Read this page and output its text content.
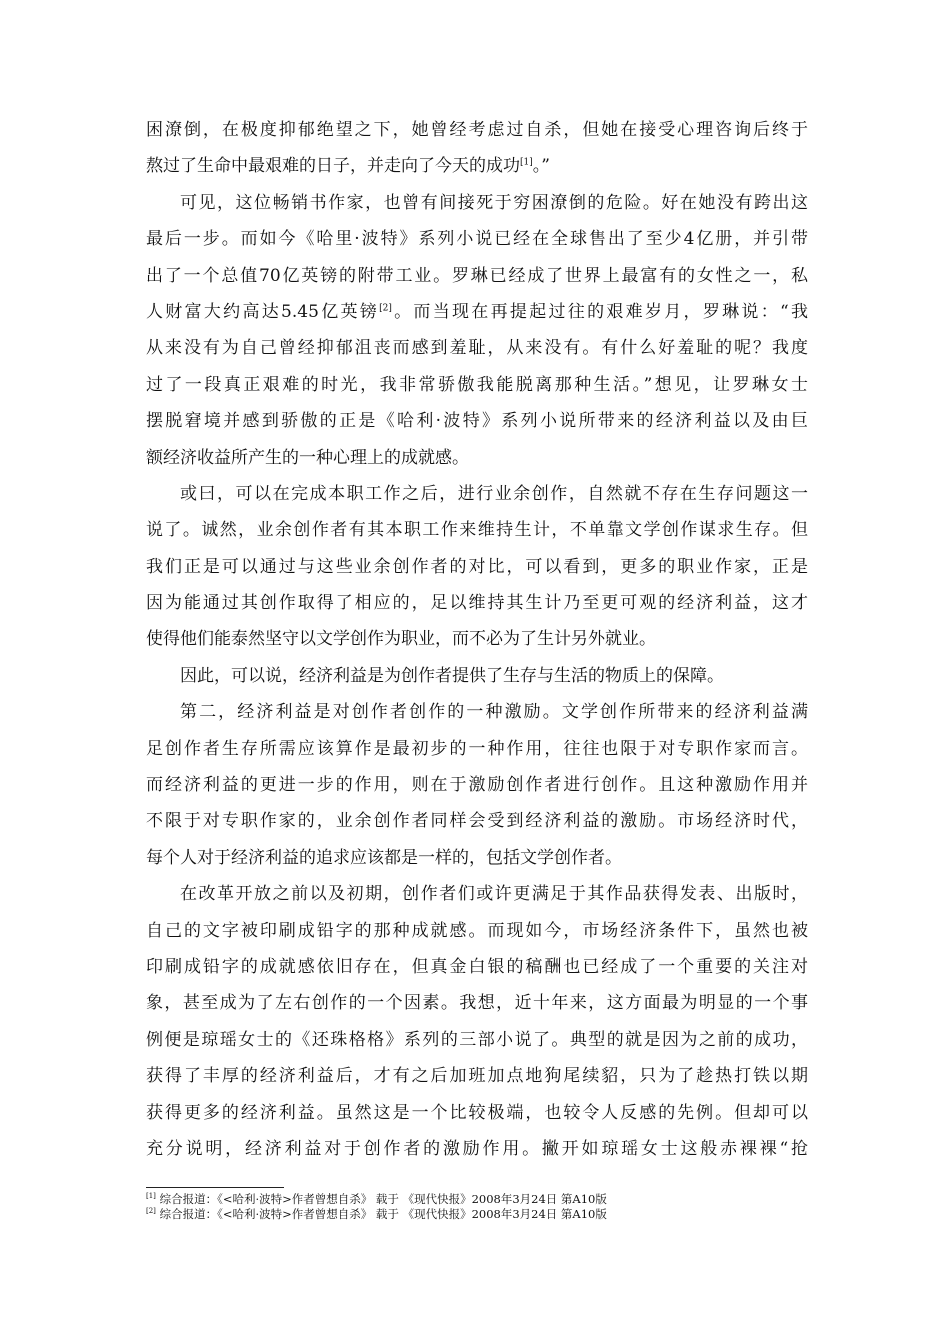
困潦倒，在极度抑郁绝望之下，她曾经考虑过自杀，但她在接受心理咨询后终于
熬过了生命中最艰难的日子，并走向了今天的成功[1]。”
可见，这位畅销书作家，也曾有间接死于穷困潦倒的危险。好在她没有跨出这
最后一步。而如今《哈里·波特》系列小说已经在全球售出了至少4亿册，并引带
出了一个总值70亿英镑的附带工业。罗琳已经成了世界上最富有的女性之一，私
人财富大约高达5.45亿英镑[2]。而当现在再提起过往的艰难岁月，罗琳说：“我
从来没有为自己曾经抑郁沮丧而感到羞耻，从来没有。有什么好羞耻的呢？我度
过了一段真正艰难的时光，我非常骄傲我能脱离那种生活。”想见，让罗琳女士
摆脱窘境并感到骄傲的正是《哈利·波特》系列小说所带来的经济利益以及由巨
额经济收益所产生的一种心理上的成就感。
或曰，可以在完成本职工作之后，进行业余创作，自然就不存在生存问题这一
说了。诚然，业余创作者有其本职工作来维持生计，不单靠文学创作谋求生存。但
我们正是可以通过与这些业余创作者的对比，可以看到，更多的职业作家，正是
因为能通过其创作取得了相应的，足以维持其生计乃至更可观的经济利益，这才
使得他们能泰然坚守以文学创作为职业，而不必为了生计另外就业。
因此，可以说，经济利益是为创作者提供了生存与生活的物质上的保障。
第二，经济利益是对创作者创作的一种激励。文学创作所带来的经济利益满
足创作者生存所需应该算作是最初步的一种作用，往往也限于对专职作家而言。
而经济利益的更进一步的作用，则在于激励创作者进行创作。且这种激励作用并
不限于对专职作家的，业余创作者同样会受到经济利益的激励。市场经济时代，
每个人对于经济利益的追求应该都是一样的，包括文学创作者。
在改革开放之前以及初期，创作者们或许更满足于其作品获得发表、出版时，
自己的文字被印刷成铅字的那种成就感。而现如今，市场经济条件下，虽然也被
印刷成铅字的成就感依旧存在，但真金白银的稿酬也已经成了一个重要的关注对
象，甚至成为了左右创作的一个因素。我想，近十年来，这方面最为明显的一个事
例便是琼瑶女士的《还珠格格》系列的三部小说了。典型的就是因为之前的成功，
获得了丰厚的经济利益后，才有之后加班加点地狗尾续貂，只为了趁热打铁以期
获得更多的经济利益。虽然这是一个比较极端，也较令人反感的先例。但却可以
充分说明，经济利益对于创作者的激励作用。撇开如琼瑶女士这般赤裸裸“抢
[1] 综合报道：《<哈利·波特>作者曾想自杀》 载于 《现代快报》2008年3月24日 第A10版
[2] 综合报道：《<哈利·波特>作者曾想自杀》 载于 《现代快报》2008年3月24日 第A10版
